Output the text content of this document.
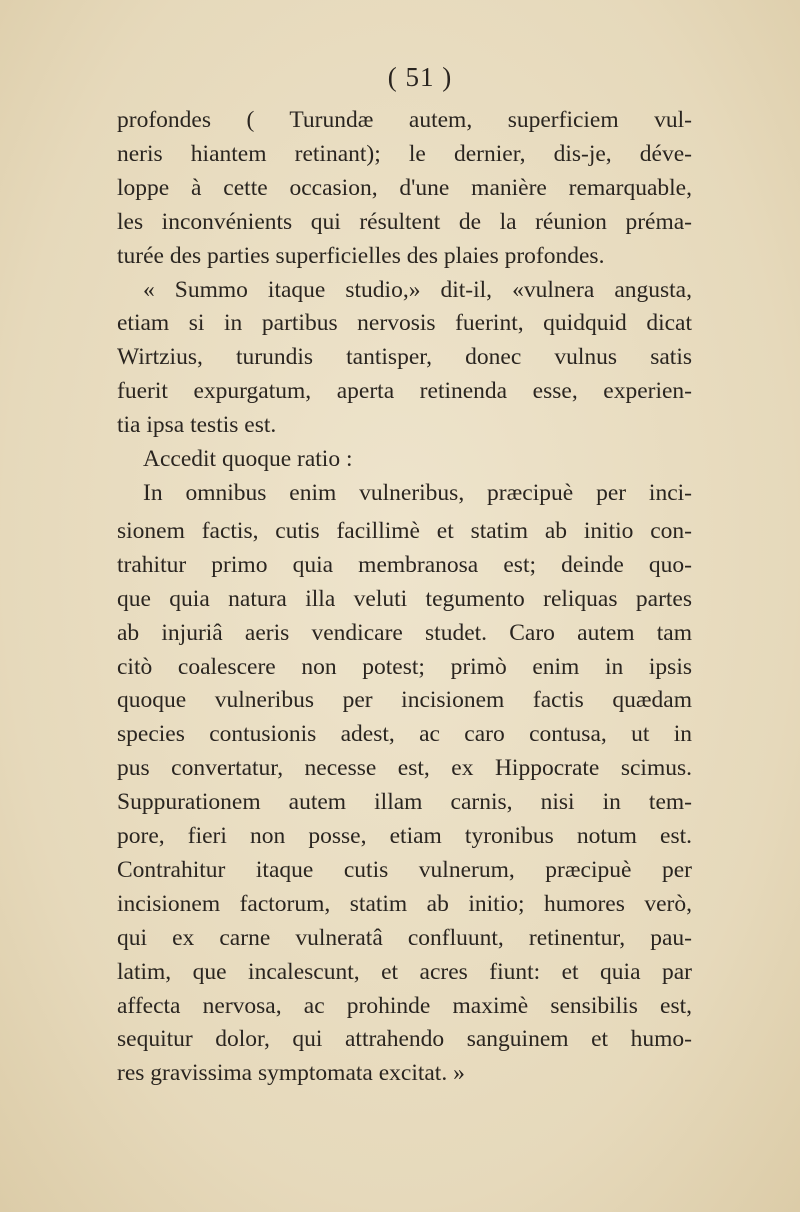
( 51 )
profondes ( Turundæ autem, superficiem vul-
neris hiantem retinant); le dernier, dis-je, déve-
loppe à cette occasion, d'une manière remarquable,
les inconvénients qui résultent de la réunion préma-
turée des parties superficielles des plaies profondes.
« Summo itaque studio,» dit-il, «vulnera angusta,
etiam si in partibus nervosis fuerint, quidquid dicat
Wirtzius, turundis tantisper, donec vulnus satis
fuerit expurgatum, aperta retinenda esse, experien-
tia ipsa testis est.
Accedit quoque ratio :
In omnibus enim vulneribus, præcipuè per inci-
sionem factis, cutis facillimè et statim ab initio con-
trahitur primo quia membranosa est; deinde quo-
que quia natura illa veluti tegumento reliquas partes
ab injuriâ aeris vendicare studet. Caro autem tam
citò coalescere non potest; primò enim in ipsis
quoque vulneribus per incisionem factis quædam
species contusionis adest, ac caro contusa, ut in
pus convertatur, necesse est, ex Hippocrate scimus.
Suppurationem autem illam carnis, nisi in tem-
pore, fieri non posse, etiam tyronibus notum est.
Contrahitur itaque cutis vulnerum, præcipuè per
incisionem factorum, statim ab initio; humores verò,
qui ex carne vulneratâ confluunt, retinentur, pau-
latim, que incalescunt, et acres fiunt: et quia par
affecta nervosa, ac prohinde maximè sensibilis est,
sequitur dolor, qui attrahendo sanguinem et humo-
res gravissima symptomata excitat. »
